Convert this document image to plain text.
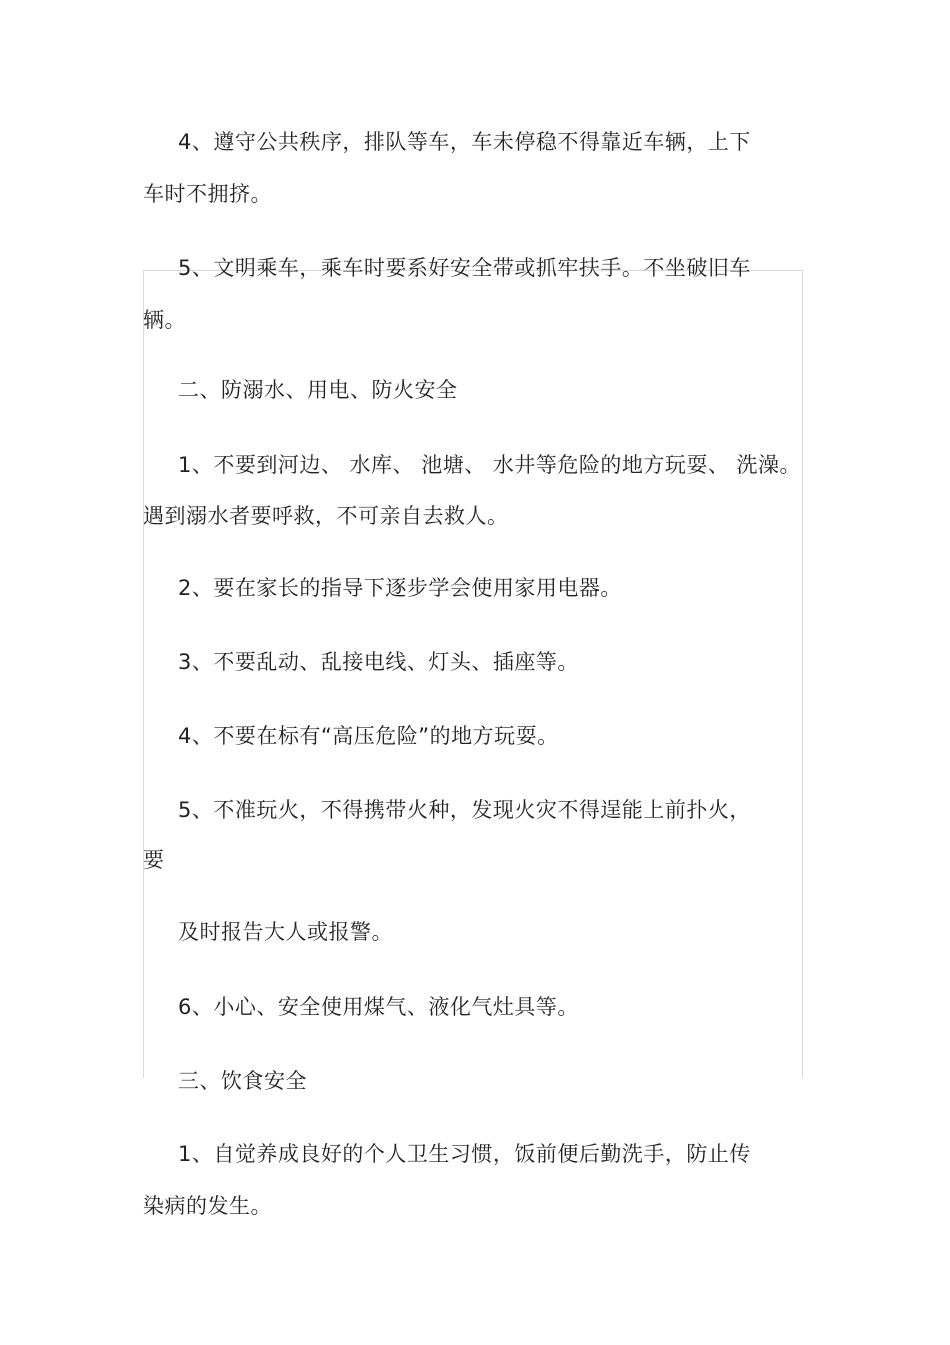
4、遵守公共秩序，排队等车，车未停稳不得靠近车辆，上下
车时不拥挤。
5、文明乘车，乘车时要系好安全带或抓牢扶手。不坐破旧车
辆。
二、防溺水、用电、防火安全
1、不要到河边、 水库、 池塘、 水井等危险的地方玩耍、 洗澡。
遇到溺水者要呼救，不可亲自去救人。
2、要在家长的指导下逐步学会使用家用电器。
3、不要乱动、乱接电线、灯头、插座等。
4、不要在标有“高压危险”的地方玩耍。
5、不准玩火，不得携带火种，发现火灾不得逞能上前扑火，
要
及时报告大人或报警。
6、小心、安全使用煤气、液化气灶具等。
三、饮食安全
1、自觉养成良好的个人卫生习惯，饭前便后勤洗手，防止传
染病的发生。
